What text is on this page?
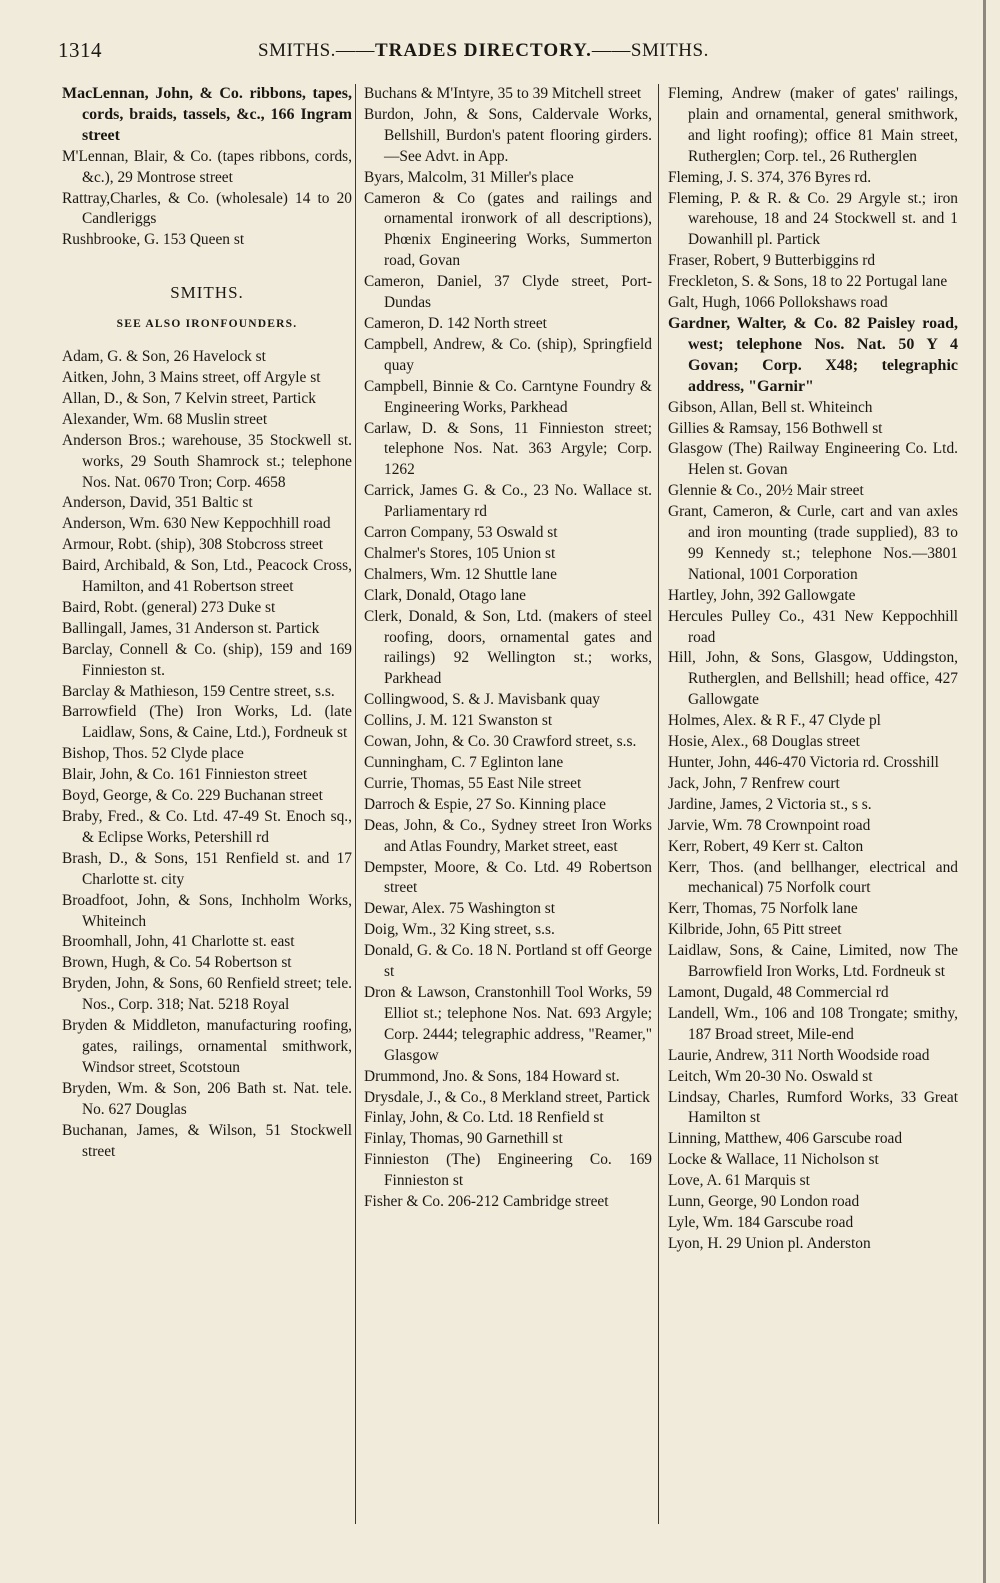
1314	SMITHS.——TRADES DIRECTORY.——SMITHS.

MacLennan, John, & Co. ribbons, tapes, cords, braids, tassels, &c., 166 Ingram street

M'Lennan, Blair, & Co. (tapes ribbons, cords, &c.), 29 Montrose street

Rattray,Charles, & Co. (wholesale) 14 to 20 Candleriggs

Rushbrooke, G. 153 Queen st

SMITHS.
SEE ALSO IRONFOUNDERS.

Adam, G. & Son, 26 Havelock st

Aitken, John, 3 Mains street, off Argyle st

Allan, D., & Son, 7 Kelvin street, Partick

Alexander, Wm. 68 Muslin street

Anderson Bros.; warehouse, 35 Stockwell st. works, 29 South Shamrock st.; telephone Nos. Nat. 0670 Tron; Corp. 4658

Anderson, David, 351 Baltic st

Anderson, Wm. 630 New Keppochhill road

Armour, Robt. (ship), 308 Stobcross street

Baird, Archibald, & Son, Ltd., Peacock Cross, Hamilton, and 41 Robertson street

Baird, Robt. (general) 273 Duke st

Ballingall, James, 31 Anderson st. Partick

Barclay, Connell & Co. (ship), 159 and 169 Finnieston st.

Barclay & Mathieson, 159 Centre street, s.s.

Barrowfield (The) Iron Works, Ld. (late Laidlaw, Sons, & Caine, Ltd.), Fordneuk st

Bishop, Thos. 52 Clyde place

Blair, John, & Co. 161 Finnieston street

Boyd, George, & Co. 229 Buchanan street

Braby, Fred., & Co. Ltd. 47-49 St. Enoch sq., & Eclipse Works, Petershill rd

Brash, D., & Sons, 151 Renfield st. and 17 Charlotte st. city

Broadfoot, John, & Sons, Inchholm Works, Whiteinch

Broomhall, John, 41 Charlotte st. east

Brown, Hugh, & Co. 54 Robertson st

Bryden, John, & Sons, 60 Renfield street; tele. Nos., Corp. 318; Nat. 5218 Royal

Bryden & Middleton, manufacturing roofing, gates, railings, ornamental smithwork, Windsor street, Scotstoun

Bryden, Wm. & Son, 206 Bath st. Nat. tele. No. 627 Douglas

Buchanan, James, & Wilson, 51 Stockwell street

Buchans & M'Intyre, 35 to 39 Mitchell street

Burdon, John, & Sons, Caldervale Works, Bellshill, Burdon's patent flooring girders.—See Advt. in App.

Byars, Malcolm, 31 Miller's place

Cameron & Co (gates and railings and ornamental ironwork of all descriptions), Phœnix Engineering Works, Summerton road, Govan

Cameron, Daniel, 37 Clyde street, Port-Dundas

Cameron, D. 142 North street

Campbell, Andrew, & Co. (ship), Springfield quay

Campbell, Binnie & Co. Carntyne Foundry & Engineering Works, Parkhead

Carlaw, D. & Sons, 11 Finnieston street; telephone Nos. Nat. 363 Argyle; Corp. 1262

Carrick, James G. & Co., 23 No. Wallace st. Parliamentary rd

Carron Company, 53 Oswald st

Chalmer's Stores, 105 Union st

Chalmers, Wm. 12 Shuttle lane

Clark, Donald, Otago lane

Clerk, Donald, & Son, Ltd. (makers of steel roofing, doors, ornamental gates and railings) 92 Wellington st.; works, Parkhead

Collingwood, S. & J. Mavisbank quay

Collins, J. M. 121 Swanston st

Cowan, John, & Co. 30 Crawford street, s.s.

Cunningham, C. 7 Eglinton lane

Currie, Thomas, 55 East Nile street

Darroch & Espie, 27 So. Kinning place

Deas, John, & Co., Sydney street Iron Works and Atlas Foundry, Market street, east

Dempster, Moore, & Co. Ltd. 49 Robertson street

Dewar, Alex. 75 Washington st

Doig, Wm., 32 King street, s.s.

Donald, G. & Co. 18 N. Portland st off George st

Dron & Lawson, Cranstonhill Tool Works, 59 Elliot st.; telephone Nos. Nat. 693 Argyle; Corp. 2444; telegraphic address, "Reamer," Glasgow

Drummond, Jno. & Sons, 184 Howard st.

Drysdale, J., & Co., 8 Merkland street, Partick

Finlay, John, & Co. Ltd. 18 Renfield st

Finlay, Thomas, 90 Garnethill st

Finnieston (The) Engineering Co. 169 Finnieston st

Fisher & Co. 206-212 Cambridge street

Fleming, Andrew (maker of gates' railings, plain and ornamental, general smithwork, and light roofing); office 81 Main street, Rutherglen; Corp. tel., 26 Rutherglen

Fleming, J. S. 374, 376 Byres rd.

Fleming, P. & R. & Co. 29 Argyle st.; iron warehouse, 18 and 24 Stockwell st. and 1 Dowanhill pl. Partick

Fraser, Robert, 9 Butterbiggins rd

Freckleton, S. & Sons, 18 to 22 Portugal lane

Galt, Hugh, 1066 Pollokshaws road

Gardner, Walter, & Co. 82 Paisley road, west; telephone Nos. Nat. 50 Y 4 Govan; Corp. X48; telegraphic address, "Garnir"

Gibson, Allan, Bell st. Whiteinch

Gillies & Ramsay, 156 Bothwell st

Glasgow (The) Railway Engineering Co. Ltd. Helen st. Govan

Glennie & Co., 20½ Mair street

Grant, Cameron, & Curle, cart and van axles and iron mounting (trade supplied), 83 to 99 Kennedy st.; telephone Nos.—3801 National, 1001 Corporation

Hartley, John, 392 Gallowgate

Hercules Pulley Co., 431 New Keppochhill road

Hill, John, & Sons, Glasgow, Uddingston, Rutherglen, and Bellshill; head office, 427 Gallowgate

Holmes, Alex. & R F., 47 Clyde pl

Hosie, Alex., 68 Douglas street

Hunter, John, 446-470 Victoria rd. Crosshill

Jack, John, 7 Renfrew court

Jardine, James, 2 Victoria st., s s.

Jarvie, Wm. 78 Crownpoint road

Kerr, Robert, 49 Kerr st. Calton

Kerr, Thos. (and bellhanger, electrical and mechanical) 75 Norfolk court

Kerr, Thomas, 75 Norfolk lane

Kilbride, John, 65 Pitt street

Laidlaw, Sons, & Caine, Limited, now The Barrowfield Iron Works, Ltd. Fordneuk st

Lamont, Dugald, 48 Commercial rd

Landell, Wm., 106 and 108 Trongate; smithy, 187 Broad street, Mile-end

Laurie, Andrew, 311 North Woodside road

Leitch, Wm 20-30 No. Oswald st

Lindsay, Charles, Rumford Works, 33 Great Hamilton st

Linning, Matthew, 406 Garscube road

Locke & Wallace, 11 Nicholson st

Love, A. 61 Marquis st

Lunn, George, 90 London road

Lyle, Wm. 184 Garscube road

Lyon, H. 29 Union pl. Anderston
